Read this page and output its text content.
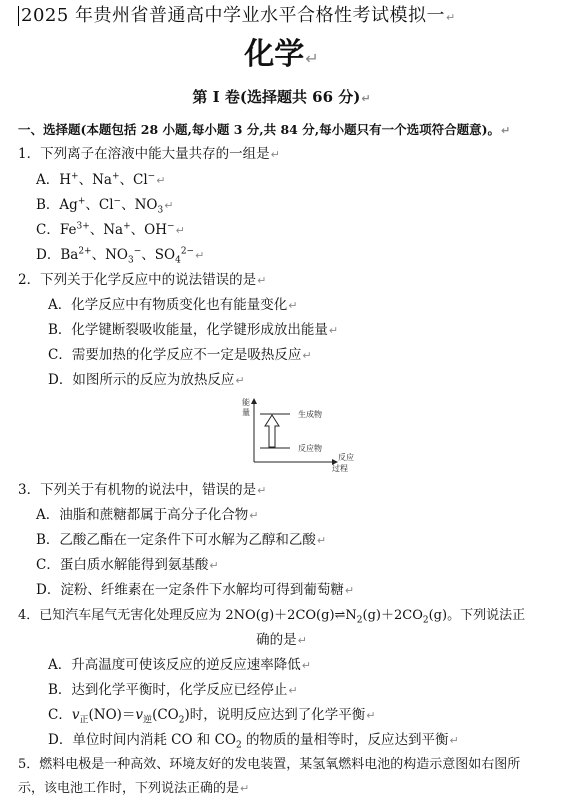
2025 年贵州省普通高中学业水平合格性考试模拟一↵
化学↵
第 I 卷(选择题共 66 分)↵
一、选择题(本题包括 28 小题,每小题 3 分,共 84 分,每小题只有一个选项符合题意)。↵
1．下列离子在溶液中能大量共存的一组是↵
A．H+、Na+、Cl−↵
B．Ag+、Cl−、$NO_3↵$
C．$Fe^{3+}$、Na+、OH−↵
D．$Ba^{2+}$、$NO_3^-$、$SO_4^{2-}↵$
2．下列关于化学反应中的说法错误的是↵
A．化学反应中有物质变化也有能量变化↵
B．化学键断裂吸收能量，化学键形成放出能量↵
C．需要加热的化学反应不一定是吸热反应↵
D．如图所示的反应为放热反应↵
能
量	生成物
反应物
反应
过程
3．下列关于有机物的说法中，错误的是↵
A．油脂和蔗糖都属于高分子化合物↵
B．乙酸乙酯在一定条件下可水解为乙醇和乙酸↵
C．蛋白质水解能得到氨基酸↵
D．淀粉、纤维素在一定条件下水解均可得到葡萄糖↵
4．已知汽车尾气无害化处理反应为 $2NO(g)+2CO(g)\rightleftharpoons N_2(g)+2CO_2(g)$。下列说法正
确的是↵
A．升高温度可使该反应的逆反应速率降低↵
B．达到化学平衡时，化学反应已经停止↵
C．$v_正(NO)=v_逆(CO_2)$时，说明反应达到了化学平衡↵
D．单位时间内消耗 CO 和 $CO_2$ 的物质的量相等时，反应达到平衡↵
5．燃料电极是一种高效、环境友好的发电装置，某氢氧燃料电池的构造示意图如右图所
示，该电池工作时，下列说法正确的是↵
